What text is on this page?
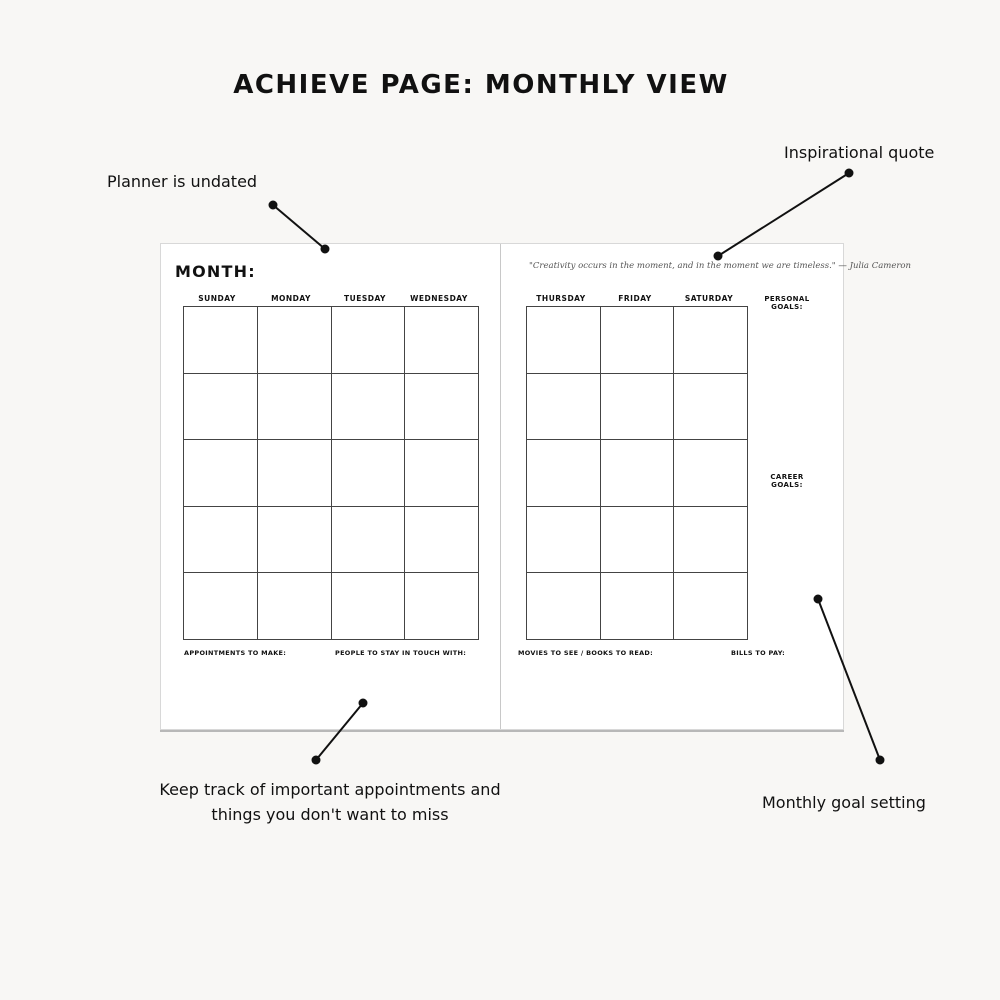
ACHIEVE PAGE: MONTHLY VIEW
Planner is undated
Inspirational quote
Keep track of important appointments and
things you don't want to miss
Monthly goal setting
MONTH:	"Creativity occurs in the moment, and in the moment we are timeless." — Julia Cameron
SUNDAY	MONDAY	TUESDAY	WEDNESDAY	THURSDAY	FRIDAY	SATURDAY	PERSONAL
GOALS:
CAREER
GOALS:
APPOINTMENTS TO MAKE:	PEOPLE TO STAY IN TOUCH WITH:	MOVIES TO SEE / BOOKS TO READ:	BILLS TO PAY:
